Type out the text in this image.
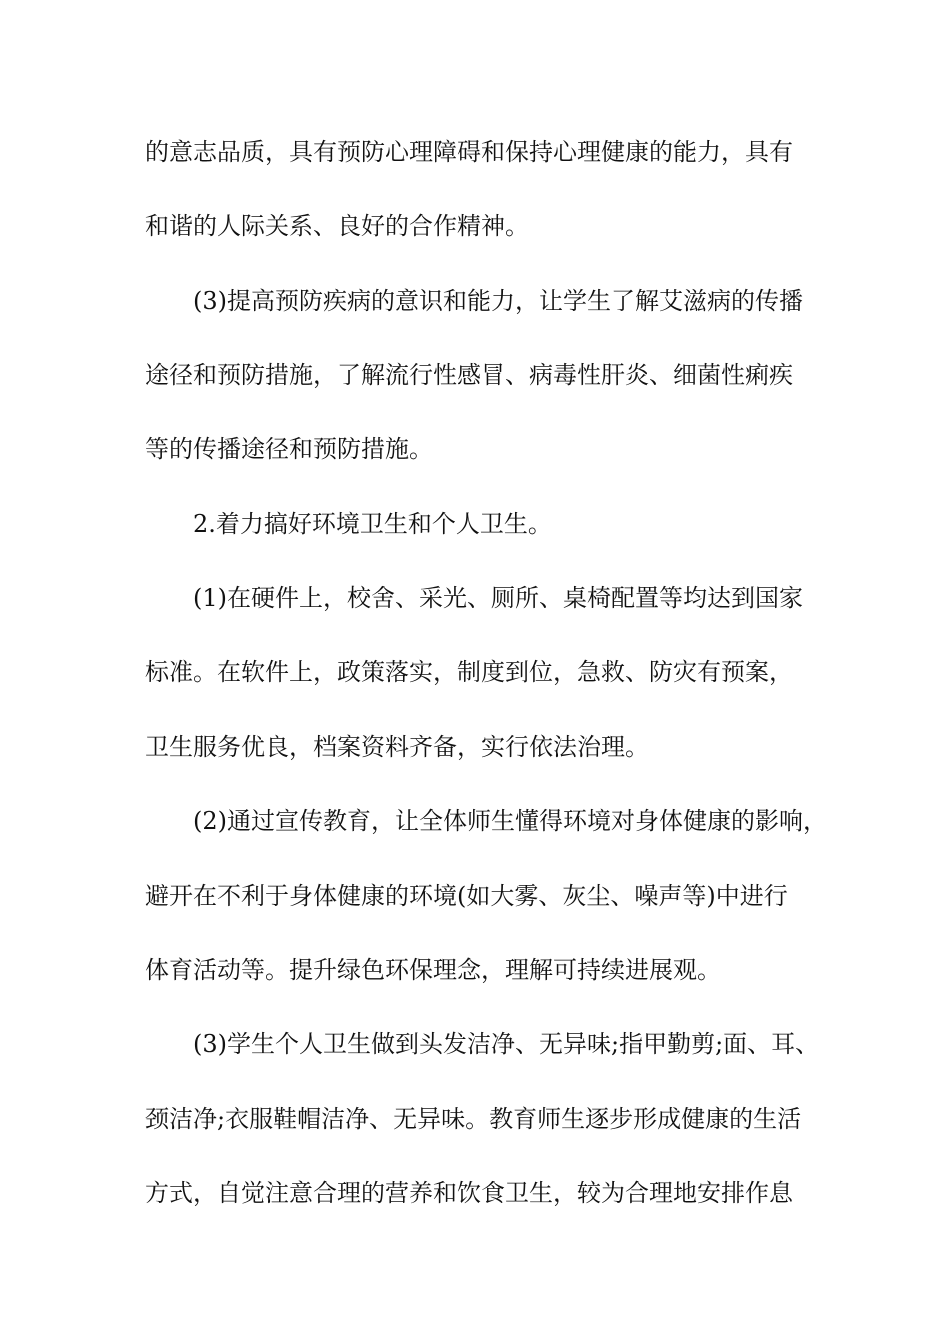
的意志品质，具有预防心理障碍和保持心理健康的能力，具有
和谐的人际关系、良好的合作精神。
(3)提高预防疾病的意识和能力，让学生了解艾滋病的传播
途径和预防措施，了解流行性感冒、病毒性肝炎、细菌性痢疾
等的传播途径和预防措施。
2.着力搞好环境卫生和个人卫生。
(1)在硬件上，校舍、采光、厕所、桌椅配置等均达到国家
标准。在软件上，政策落实，制度到位，急救、防灾有预案，
卫生服务优良，档案资料齐备，实行依法治理。
(2)通过宣传教育，让全体师生懂得环境对身体健康的影响，
避开在不利于身体健康的环境(如大雾、灰尘、噪声等)中进行
体育活动等。提升绿色环保理念，理解可持续进展观。
(3)学生个人卫生做到头发洁净、无异味;指甲勤剪;面、耳、
颈洁净;衣服鞋帽洁净、无异味。教育师生逐步形成健康的生活
方式，自觉注意合理的营养和饮食卫生，较为合理地安排作息
